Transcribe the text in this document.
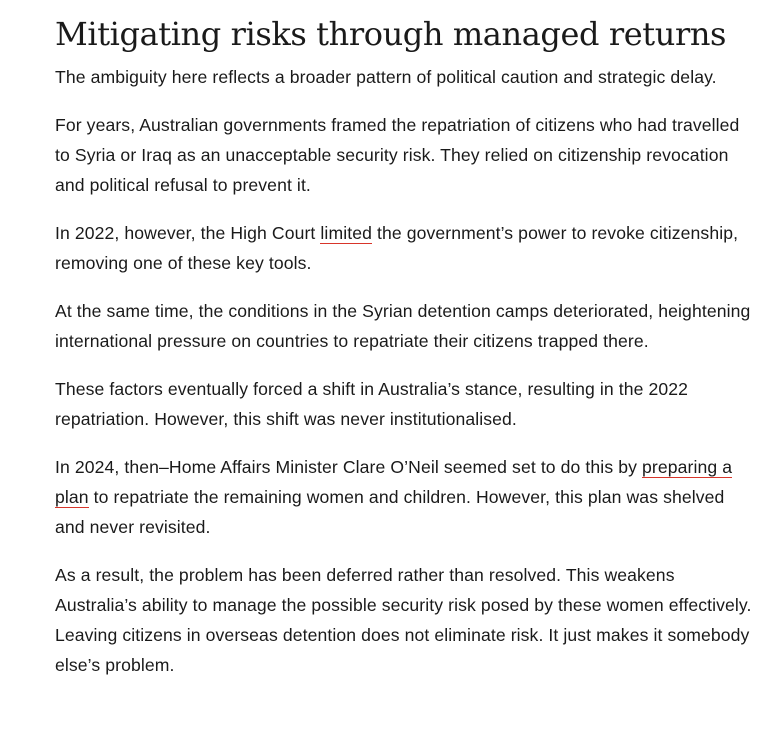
Mitigating risks through managed returns

The ambiguity here reflects a broader pattern of political caution and strategic delay.

For years, Australian governments framed the repatriation of citizens who had travelled to Syria or Iraq as an unacceptable security risk. They relied on citizenship revocation and political refusal to prevent it.

In 2022, however, the High Court limited the government’s power to revoke citizenship, removing one of these key tools.

At the same time, the conditions in the Syrian detention camps deteriorated, heightening international pressure on countries to repatriate their citizens trapped there.

These factors eventually forced a shift in Australia’s stance, resulting in the 2022 repatriation. However, this shift was never institutionalised.

In 2024, then–Home Affairs Minister Clare O’Neil seemed set to do this by preparing a plan to repatriate the remaining women and children. However, this plan was shelved and never revisited.

As a result, the problem has been deferred rather than resolved. This weakens Australia’s ability to manage the possible security risk posed by these women effectively. Leaving citizens in overseas detention does not eliminate risk. It just makes it somebody else’s problem.
